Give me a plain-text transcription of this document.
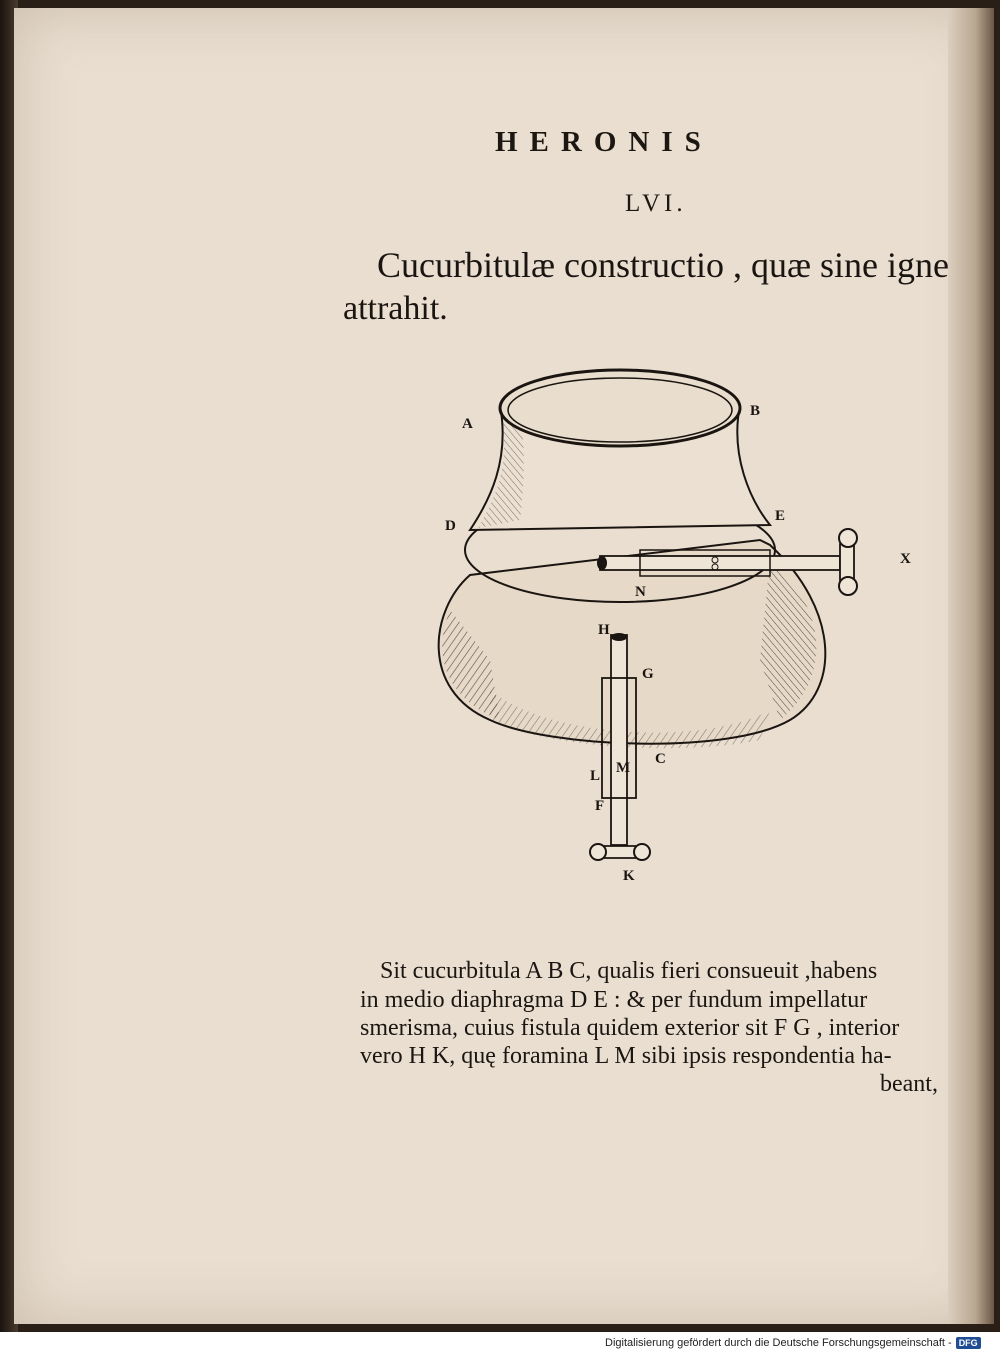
HERONIS
LVI.
Cucurbitulæ constructio , quæ sine igne
attrahit.
A
B
D
E
X
N
H
G
C
L M
F
K
Sit cucurbitula A B C, qualis fieri consueuit ,habens
in medio diaphragma D E : & per fundum impellatur
smerisma, cuius fistula quidem exterior sit F G , interior
vero H K, quę foramina L M sibi ipsis respondentia ha-
beant,
Digitalisierung gefördert durch die Deutsche Forschungsgemeinschaft - DFG
